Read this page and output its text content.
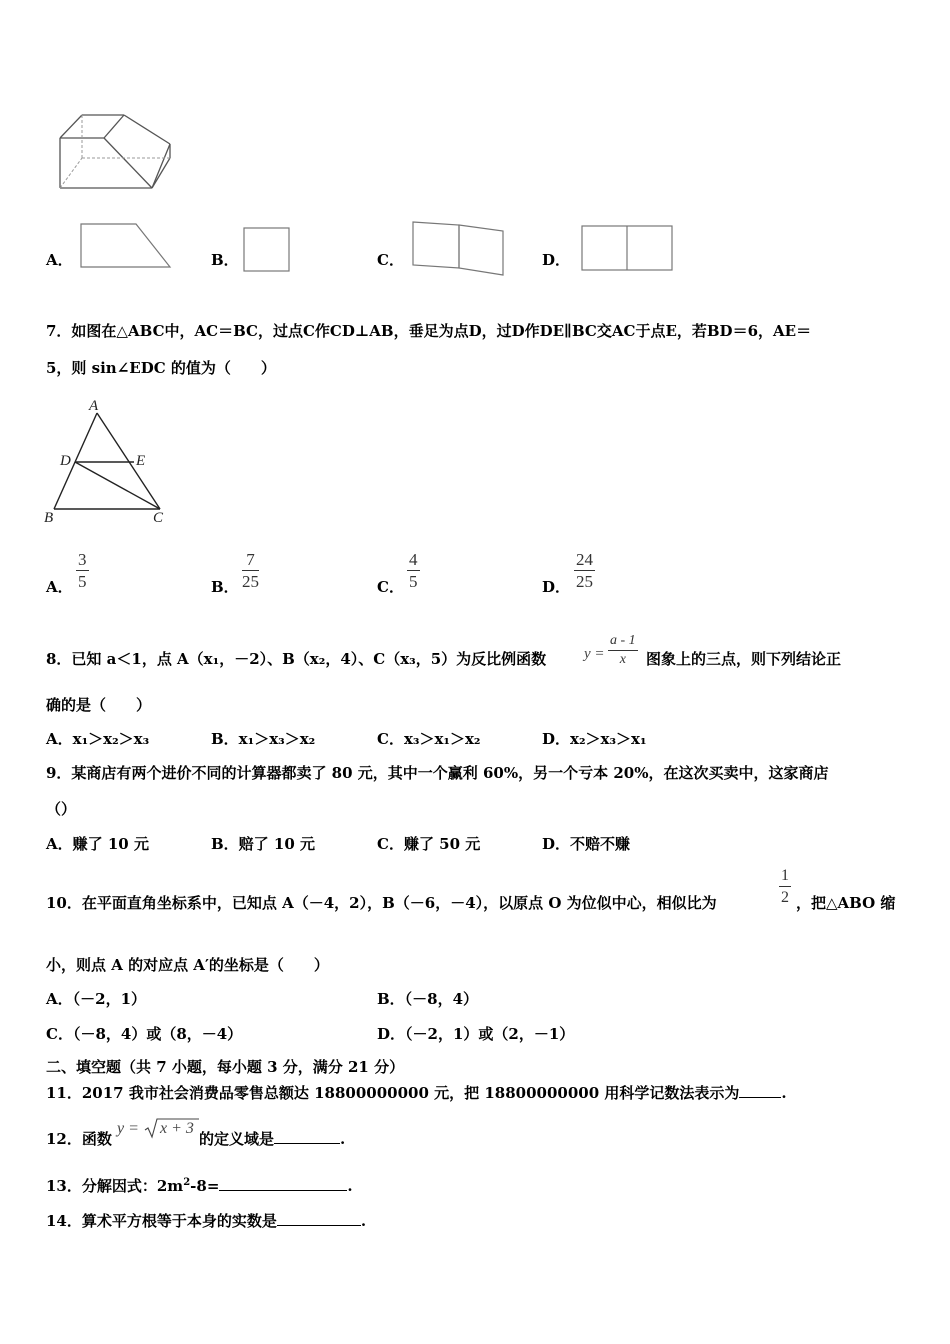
A．	B．	C．	D．
7．如图在△ABC中，AC＝BC，过点C作CD⊥AB，垂足为点D，过D作DE∥BC交AC于点E，若BD＝6，AE＝
5，则 sin∠EDC 的值为（　　）
A
D	E
B	C
A．
3
5	B．
7
25	C．
4
5	D．
24
25
8．已知 a＜1，点 A（x₁，－2）、B（x₂，4）、C（x₃，5）为反比例函数	y =
a - 1
x	图象上的三点，则下列结论正
确的是（　　）
A．x₁＞x₂＞x₃	B．x₁＞x₃＞x₂	C．x₃＞x₁＞x₂	D．x₂＞x₃＞x₁
9．某商店有两个进价不同的计算器都卖了 80 元，其中一个赢利 60%，另一个亏本 20%，在这次买卖中，这家商店
（）
A．赚了 10 元	B．赔了 10 元	C．赚了 50 元	D．不赔不赚
10．在平面直角坐标系中，已知点 A（－4，2），B（－6，－4），以原点 O 为位似中心，相似比为
1
2 ，把△ABO 缩
小，则点 A 的对应点 A′的坐标是（　　）
A．（－2，1）	B．（－8，4）
C．（－8，4）或（8，－4）	D．（－2，1）或（2，－1）
二、填空题（共 7 小题，每小题 3 分，满分 21 分）
11．2017 我市社会消费品零售总额达 18800000000 元，把 18800000000 用科学记数法表示为	.
12．函数
y = x + 3
的定义域是	.
13．分解因式：$2m^2-8=$	.
14．算术平方根等于本身的实数是	.
